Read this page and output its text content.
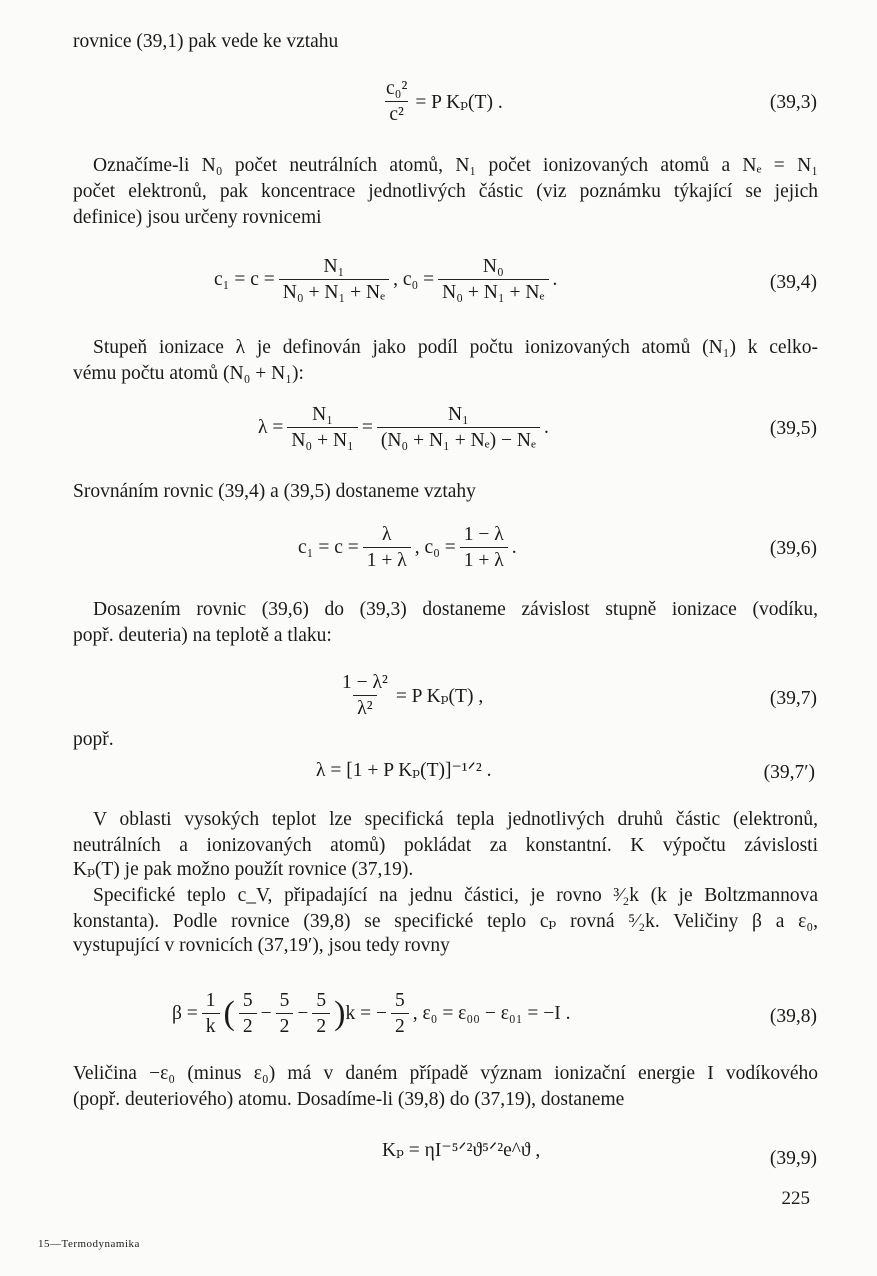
rovnice (39,1) pak vede ke vztahu
$\frac{\text{c₀²}}{\text{c²}} = P$ Kₚ(T) .	(39,3)
Označíme-li N₀ počet neutrálních atomů, N₁ počet ionizovaných atomů a Nₑ = N₁
počet elektronů, pak koncentrace jednotlivých částic (viz poznámku týkající se jejich
definice) jsou určeny rovnicemi
$c_1 = c = \frac{\text{N₁}}{\text{N₀ + N₁ + Nₑ}}$ , $c_0 = \frac{\text{N₀}}{\text{N₀ + N₁ + Nₑ}}$ .	(39,4)
Stupeň ionizace λ je definován jako podíl počtu ionizovaných atomů (N₁) k celko-
vému počtu atomů (N₀ + N₁):
$\lambda = \frac{\text{N₁}}{\text{N₀ + N₁}} = \frac{\text{N₁}}{\text{(N₀ + N₁ + Nₑ) − Nₑ}}$ .	(39,5)
Srovnáním rovnic (39,4) a (39,5) dostaneme vztahy
$c_1 = c = \frac{\lambda}{1 + \lambda}$ , $c_0 = \frac{1 - \lambda}{1 + \lambda}$ .	(39,6)
Dosazením rovnic (39,6) do (39,3) dostaneme závislost stupně ionizace (vodíku,
popř. deuteria) na teplotě a tlaku:
$\frac{\text{1 − λ²}}{\text{λ²}} = P$ Kₚ(T) ,	(39,7)
popř.
λ = [1 + P Kₚ(T)]⁻¹ᐟ² .	(39,7′)
V oblasti vysokých teplot lze specifická tepla jednotlivých druhů částic (elektronů,
neutrálních a ionizovaných atomů) pokládat za konstantní. K výpočtu závislosti
Kₚ(T) je pak možno použít rovnice (37,19).
Specifické teplo c_V, připadající na jednu částici, je rovno ³⁄₂k (k je Boltzmannova
konstanta). Podle rovnice (39,8) se specifické teplo cₚ rovná ⁵⁄₂k. Veličiny β a ε₀,
vystupující v rovnicích (37,19′), jsou tedy rovny
$\beta = \frac{1}{k}$ ( $\frac{5}{2} - \frac{5}{2} - \frac{5}{2}$ ) k = − $\frac{5}{2}$ , ε₀ = ε₀₀ − ε₀₁ = −I .	(39,8)
Veličina −ε₀ (minus ε₀) má v daném případě význam ionizační energie I vodíkového
(popř. deuteriového) atomu. Dosadíme-li (39,8) do (37,19), dostaneme
Kₚ = ηI⁻⁵ᐟ²ϑ⁵ᐟ²e^ϑ ,	(39,9)
225
15—Termodynamika
